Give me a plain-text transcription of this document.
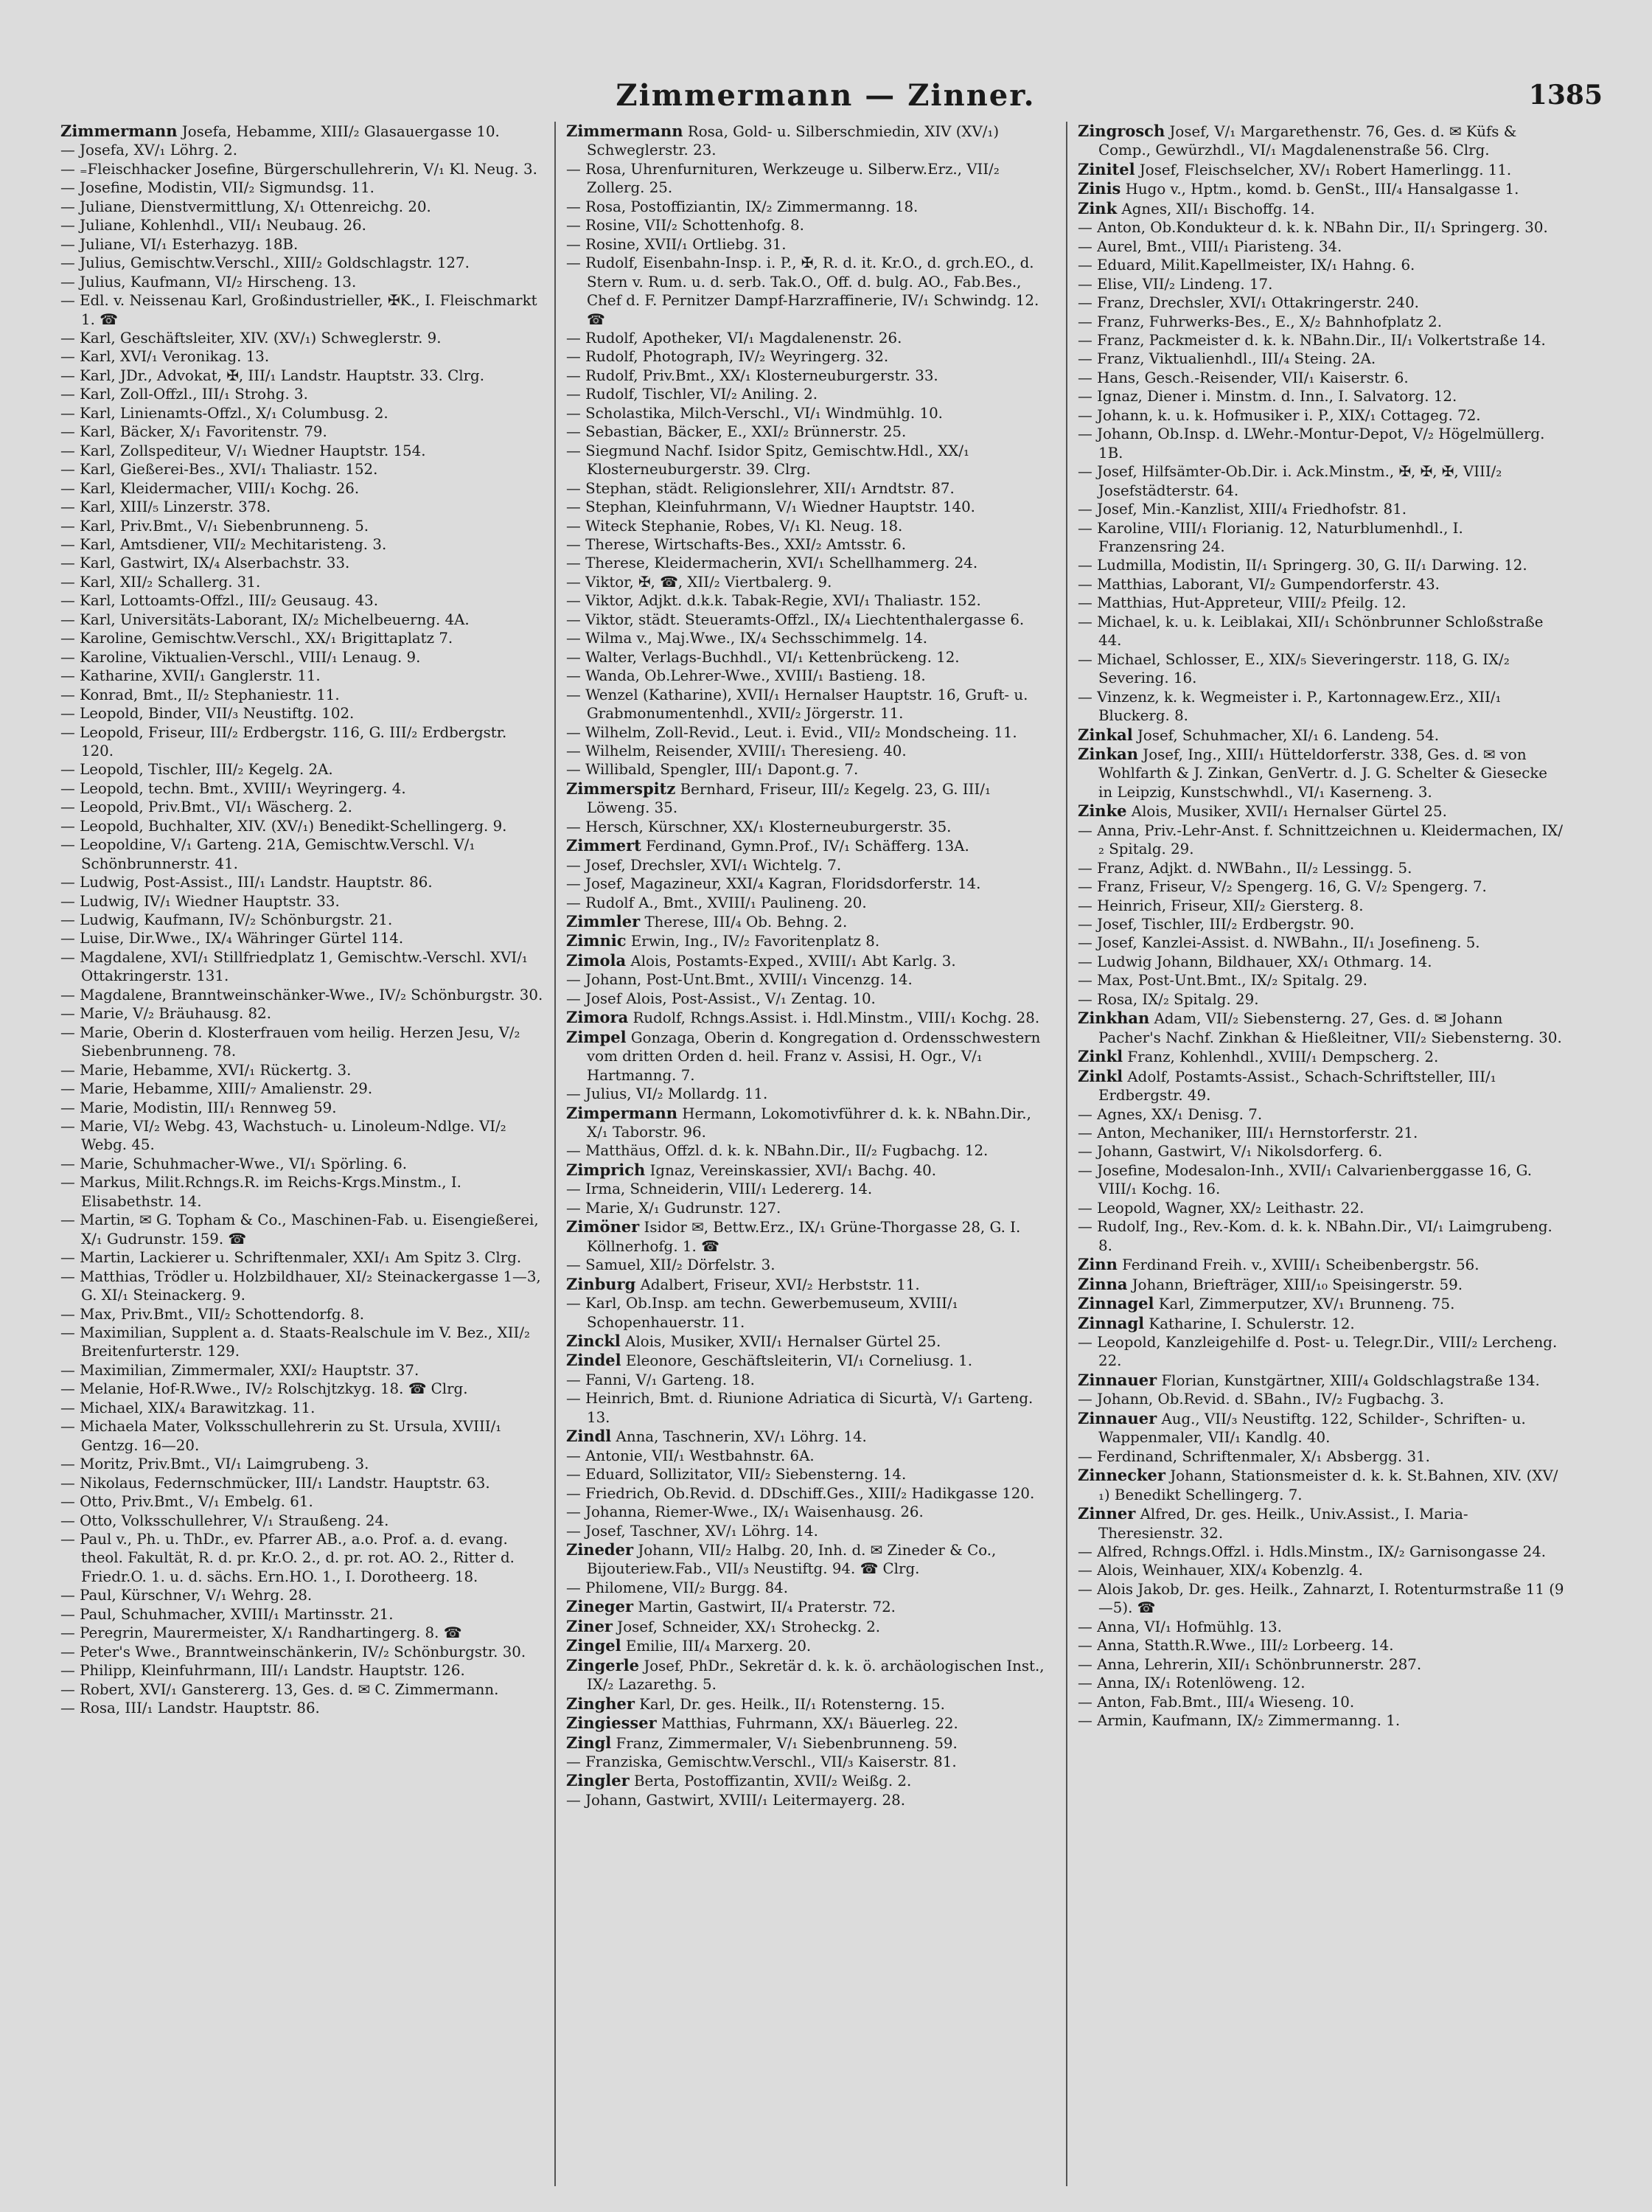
Zimmermann — Zinner.	1385

Zimmermann Josefa, Hebamme, XIII/₂ Glasauergasse 10.

— Josefa, XV/₁ Löhrg. 2.

— ₌Fleischhacker Josefine, Bürgerschullehrerin, V/₁ Kl. Neug. 3.

— Josefine, Modistin, VII/₂ Sigmundsg. 11.

— Juliane, Dienstvermittlung, X/₁ Ottenreichg. 20.

— Juliane, Kohlenhdl., VII/₁ Neubaug. 26.

— Juliane, VI/₁ Esterhazyg. 18B.

— Julius, Gemischtw.Verschl., XIII/₂ Goldschlagstr. 127.

— Julius, Kaufmann, VI/₂ Hirscheng. 13.

— Edl. v. Neissenau Karl, Großindustrieller, ✠K., I. Fleischmarkt 1. ☎

— Karl, Geschäftsleiter, XIV. (XV/₁) Schweglerstr. 9.

— Karl, XVI/₁ Veronikag. 13.

— Karl, JDr., Advokat, ✠, III/₁ Landstr. Hauptstr. 33. Clrg.

— Karl, Zoll-Offzl., III/₁ Strohg. 3.

— Karl, Linienamts-Offzl., X/₁ Columbusg. 2.

— Karl, Bäcker, X/₁ Favoritenstr. 79.

— Karl, Zollspediteur, V/₁ Wiedner Hauptstr. 154.

— Karl, Gießerei-Bes., XVI/₁ Thaliastr. 152.

— Karl, Kleidermacher, VIII/₁ Kochg. 26.

— Karl, XIII/₅ Linzerstr. 378.

— Karl, Priv.Bmt., V/₁ Siebenbrunneng. 5.

— Karl, Amtsdiener, VII/₂ Mechitaristeng. 3.

— Karl, Gastwirt, IX/₄ Alserbachstr. 33.

— Karl, XII/₂ Schallerg. 31.

— Karl, Lottoamts-Offzl., III/₂ Geusaug. 43.

— Karl, Universitäts-Laborant, IX/₂ Michelbeuerng. 4A.

— Karoline, Gemischtw.Verschl., XX/₁ Brigittaplatz 7.

— Karoline, Viktualien-Verschl., VIII/₁ Lenaug. 9.

— Katharine, XVII/₁ Ganglerstr. 11.

— Konrad, Bmt., II/₂ Stephaniestr. 11.

— Leopold, Binder, VII/₃ Neustiftg. 102.

— Leopold, Friseur, III/₂ Erdbergstr. 116, G. III/₂ Erdbergstr. 120.

— Leopold, Tischler, III/₂ Kegelg. 2A.

— Leopold, techn. Bmt., XVIII/₁ Weyringerg. 4.

— Leopold, Priv.Bmt., VI/₁ Wäscherg. 2.

— Leopold, Buchhalter, XIV. (XV/₁) Benedikt-Schellingerg. 9.

— Leopoldine, V/₁ Garteng. 21A, Gemischtw.Verschl. V/₁ Schönbrunnerstr. 41.

— Ludwig, Post-Assist., III/₁ Landstr. Hauptstr. 86.

— Ludwig, IV/₁ Wiedner Hauptstr. 33.

— Ludwig, Kaufmann, IV/₂ Schönburgstr. 21.

— Luise, Dir.Wwe., IX/₄ Währinger Gürtel 114.

— Magdalene, XVI/₁ Stillfriedplatz 1, Gemischtw.-Verschl. XVI/₁ Ottakringerstr. 131.

— Magdalene, Branntweinschänker-Wwe., IV/₂ Schönburgstr. 30.

— Marie, V/₂ Bräuhausg. 82.

— Marie, Oberin d. Klosterfrauen vom heilig. Herzen Jesu, V/₂ Siebenbrunneng. 78.

— Marie, Hebamme, XVI/₁ Rückertg. 3.

— Marie, Hebamme, XIII/₇ Amalienstr. 29.

— Marie, Modistin, III/₁ Rennweg 59.

— Marie, VI/₂ Webg. 43, Wachstuch- u. Linoleum-Ndlge. VI/₂ Webg. 45.

— Marie, Schuhmacher-Wwe., VI/₁ Spörling. 6.

— Markus, Milit.Rchngs.R. im Reichs-Krgs.Minstm., I. Elisabethstr. 14.

— Martin, ✉ G. Topham & Co., Maschinen-Fab. u. Eisengießerei, X/₁ Gudrunstr. 159. ☎

— Martin, Lackierer u. Schriftenmaler, XXI/₁ Am Spitz 3. Clrg.

— Matthias, Trödler u. Holzbildhauer, XI/₂ Steinackergasse 1—3, G. XI/₁ Steinackerg. 9.

— Max, Priv.Bmt., VII/₂ Schottendorfg. 8.

— Maximilian, Supplent a. d. Staats-Realschule im V. Bez., XII/₂ Breitenfurterstr. 129.

— Maximilian, Zimmermaler, XXI/₂ Hauptstr. 37.

— Melanie, Hof-R.Wwe., IV/₂ Rolschjtzkyg. 18. ☎ Clrg.

— Michael, XIX/₄ Barawitzkag. 11.

— Michaela Mater, Volksschullehrerin zu St. Ursula, XVIII/₁ Gentzg. 16—20.

— Moritz, Priv.Bmt., VI/₁ Laimgrubeng. 3.

— Nikolaus, Federnschmücker, III/₁ Landstr. Hauptstr. 63.

— Otto, Priv.Bmt., V/₁ Embelg. 61.

— Otto, Volksschullehrer, V/₁ Straußeng. 24.

— Paul v., Ph. u. ThDr., ev. Pfarrer AB., a.o. Prof. a. d. evang. theol. Fakultät, R. d. pr. Kr.O. 2., d. pr. rot. AO. 2., Ritter d. Friedr.O. 1. u. d. sächs. Ern.HO. 1., I. Dorotheerg. 18.

— Paul, Kürschner, V/₁ Wehrg. 28.

— Paul, Schuhmacher, XVIII/₁ Martinsstr. 21.

— Peregrin, Maurermeister, X/₁ Randhartingerg. 8. ☎

— Peter's Wwe., Branntweinschänkerin, IV/₂ Schönburgstr. 30.

— Philipp, Kleinfuhrmann, III/₁ Landstr. Hauptstr. 126.

— Robert, XVI/₁ Ganstererg. 13, Ges. d. ✉ C. Zimmermann.

— Rosa, III/₁ Landstr. Hauptstr. 86.

Zimmermann Rosa, Gold- u. Silberschmiedin, XIV (XV/₁) Schweglerstr. 23.

— Rosa, Uhrenfurnituren, Werkzeuge u. Silberw.Erz., VII/₂ Zollerg. 25.

— Rosa, Postoffiziantin, IX/₂ Zimmermanng. 18.

— Rosine, VII/₂ Schottenhofg. 8.

— Rosine, XVII/₁ Ortliebg. 31.

— Rudolf, Eisenbahn-Insp. i. P., ✠, R. d. it. Kr.O., d. grch.EO., d. Stern v. Rum. u. d. serb. Tak.O., Off. d. bulg. AO., Fab.Bes., Chef d. F. Pernitzer Dampf-Harzraffinerie, IV/₁ Schwindg. 12. ☎

— Rudolf, Apotheker, VI/₁ Magdalenenstr. 26.

— Rudolf, Photograph, IV/₂ Weyringerg. 32.

— Rudolf, Priv.Bmt., XX/₁ Klosterneuburgerstr. 33.

— Rudolf, Tischler, VI/₂ Aniling. 2.

— Scholastika, Milch-Verschl., VI/₁ Windmühlg. 10.

— Sebastian, Bäcker, E., XXI/₂ Brünnerstr. 25.

— Siegmund Nachf. Isidor Spitz, Gemischtw.Hdl., XX/₁ Klosterneuburgerstr. 39. Clrg.

— Stephan, städt. Religionslehrer, XII/₁ Arndtstr. 87.

— Stephan, Kleinfuhrmann, V/₁ Wiedner Hauptstr. 140.

— Witeck Stephanie, Robes, V/₁ Kl. Neug. 18.

— Therese, Wirtschafts-Bes., XXI/₂ Amtsstr. 6.

— Therese, Kleidermacherin, XVI/₁ Schellhammerg. 24.

— Viktor, ✠, ☎, XII/₂ Viertbalerg. 9.

— Viktor, Adjkt. d.k.k. Tabak-Regie, XVI/₁ Thaliastr. 152.

— Viktor, städt. Steueramts-Offzl., IX/₄ Liechtenthalergasse 6.

— Wilma v., Maj.Wwe., IX/₄ Sechsschimmelg. 14.

— Walter, Verlags-Buchhdl., VI/₁ Kettenbrückeng. 12.

— Wanda, Ob.Lehrer-Wwe., XVIII/₁ Bastieng. 18.

— Wenzel (Katharine), XVII/₁ Hernalser Hauptstr. 16, Gruft- u. Grabmonumentenhdl., XVII/₂ Jörgerstr. 11.

— Wilhelm, Zoll-Revid., Leut. i. Evid., VII/₂ Mondscheing. 11.

— Wilhelm, Reisender, XVIII/₁ Theresieng. 40.

— Willibald, Spengler, III/₁ Dapont.g. 7.

Zimmerspitz Bernhard, Friseur, III/₂ Kegelg. 23, G. III/₁ Löweng. 35.

— Hersch, Kürschner, XX/₁ Klosterneuburgerstr. 35.

Zimmert Ferdinand, Gymn.Prof., IV/₁ Schäfferg. 13A.

— Josef, Drechsler, XVI/₁ Wichtelg. 7.

— Josef, Magazineur, XXI/₄ Kagran, Floridsdorferstr. 14.

— Rudolf A., Bmt., XVIII/₁ Paulineng. 20.

Zimmler Therese, III/₄ Ob. Behng. 2.

Zimnic Erwin, Ing., IV/₂ Favoritenplatz 8.

Zimola Alois, Postamts-Exped., XVIII/₁ Abt Karlg. 3.

— Johann, Post-Unt.Bmt., XVIII/₁ Vincenzg. 14.

— Josef Alois, Post-Assist., V/₁ Zentag. 10.

Zimora Rudolf, Rchngs.Assist. i. Hdl.Minstm., VIII/₁ Kochg. 28.

Zimpel Gonzaga, Oberin d. Kongregation d. Ordensschwestern vom dritten Orden d. heil. Franz v. Assisi, H. Ogr., V/₁ Hartmanng. 7.

— Julius, VI/₂ Mollardg. 11.

Zimpermann Hermann, Lokomotivführer d. k. k. NBahn.Dir., X/₁ Taborstr. 96.

— Matthäus, Offzl. d. k. k. NBahn.Dir., II/₂ Fugbachg. 12.

Zimprich Ignaz, Vereinskassier, XVI/₁ Bachg. 40.

— Irma, Schneiderin, VIII/₁ Ledererg. 14.

— Marie, X/₁ Gudrunstr. 127.

Zimöner Isidor ✉, Bettw.Erz., IX/₁ Grüne-Thorgasse 28, G. I. Köllnerhofg. 1. ☎

— Samuel, XII/₂ Dörfelstr. 3.

Zinburg Adalbert, Friseur, XVI/₂ Herbststr. 11.

— Karl, Ob.Insp. am techn. Gewerbemuseum, XVIII/₁ Schopenhauerstr. 11.

Zinckl Alois, Musiker, XVII/₁ Hernalser Gürtel 25.

Zindel Eleonore, Geschäftsleiterin, VI/₁ Corneliusg. 1.

— Fanni, V/₁ Garteng. 18.

— Heinrich, Bmt. d. Riunione Adriatica di Sicurtà, V/₁ Garteng. 13.

Zindl Anna, Taschnerin, XV/₁ Löhrg. 14.

— Antonie, VII/₁ Westbahnstr. 6A.

— Eduard, Sollizitator, VII/₂ Siebensterng. 14.

— Friedrich, Ob.Revid. d. DDschiff.Ges., XIII/₂ Hadikgasse 120.

— Johanna, Riemer-Wwe., IX/₁ Waisenhausg. 26.

— Josef, Taschner, XV/₁ Löhrg. 14.

Zineder Johann, VII/₂ Halbg. 20, Inh. d. ✉ Zineder & Co., Bijouteriew.Fab., VII/₃ Neustiftg. 94. ☎ Clrg.

— Philomene, VII/₂ Burgg. 84.

Zineger Martin, Gastwirt, II/₄ Praterstr. 72.

Ziner Josef, Schneider, XX/₁ Stroheckg. 2.

Zingel Emilie, III/₄ Marxerg. 20.

Zingerle Josef, PhDr., Sekretär d. k. k. ö. archäologischen Inst., IX/₂ Lazarethg. 5.

Zingher Karl, Dr. ges. Heilk., II/₁ Rotensterng. 15.

Zingiesser Matthias, Fuhrmann, XX/₁ Bäuerleg. 22.

Zingl Franz, Zimmermaler, V/₁ Siebenbrunneng. 59.

— Franziska, Gemischtw.Verschl., VII/₃ Kaiserstr. 81.

Zingler Berta, Postoffizantin, XVII/₂ Weißg. 2.

— Johann, Gastwirt, XVIII/₁ Leitermayerg. 28.

Zingrosch Josef, V/₁ Margarethenstr. 76, Ges. d. ✉ Küfs & Comp., Gewürzhdl., VI/₁ Magdalenenstraße 56. Clrg.

Zinitel Josef, Fleischselcher, XV/₁ Robert Hamerlingg. 11.

Zinis Hugo v., Hptm., komd. b. GenSt., III/₄ Hansalgasse 1.

Zink Agnes, XII/₁ Bischoffg. 14.

— Anton, Ob.Kondukteur d. k. k. NBahn Dir., II/₁ Springerg. 30.

— Aurel, Bmt., VIII/₁ Piaristeng. 34.

— Eduard, Milit.Kapellmeister, IX/₁ Hahng. 6.

— Elise, VII/₂ Lindeng. 17.

— Franz, Drechsler, XVI/₁ Ottakringerstr. 240.

— Franz, Fuhrwerks-Bes., E., X/₂ Bahnhofplatz 2.

— Franz, Packmeister d. k. k. NBahn.Dir., II/₁ Volkertstraße 14.

— Franz, Viktualienhdl., III/₄ Steing. 2A.

— Hans, Gesch.-Reisender, VII/₁ Kaiserstr. 6.

— Ignaz, Diener i. Minstm. d. Inn., I. Salvatorg. 12.

— Johann, k. u. k. Hofmusiker i. P., XIX/₁ Cottageg. 72.

— Johann, Ob.Insp. d. LWehr.-Montur-Depot, V/₂ Högelmüllerg. 1B.

— Josef, Hilfsämter-Ob.Dir. i. Ack.Minstm., ✠, ✠, ✠, VIII/₂ Josefstädterstr. 64.

— Josef, Min.-Kanzlist, XIII/₄ Friedhofstr. 81.

— Karoline, VIII/₁ Florianig. 12, Naturblumenhdl., I. Franzensring 24.

— Ludmilla, Modistin, II/₁ Springerg. 30, G. II/₁ Darwing. 12.

— Matthias, Laborant, VI/₂ Gumpendorferstr. 43.

— Matthias, Hut-Appreteur, VIII/₂ Pfeilg. 12.

— Michael, k. u. k. Leiblakai, XII/₁ Schönbrunner Schloßstraße 44.

— Michael, Schlosser, E., XIX/₅ Sieveringerstr. 118, G. IX/₂ Severing. 16.

— Vinzenz, k. k. Wegmeister i. P., Kartonnagew.Erz., XII/₁ Bluckerg. 8.

Zinkal Josef, Schuhmacher, XI/₁ 6. Landeng. 54.

Zinkan Josef, Ing., XIII/₁ Hütteldorferstr. 338, Ges. d. ✉ von Wohlfarth & J. Zinkan, GenVertr. d. J. G. Schelter & Giesecke in Leipzig, Kunstschwhdl., VI/₁ Kaserneng. 3.

Zinke Alois, Musiker, XVII/₁ Hernalser Gürtel 25.

— Anna, Priv.-Lehr-Anst. f. Schnittzeichnen u. Kleidermachen, IX/₂ Spitalg. 29.

— Franz, Adjkt. d. NWBahn., II/₂ Lessingg. 5.

— Franz, Friseur, V/₂ Spengerg. 16, G. V/₂ Spengerg. 7.

— Heinrich, Friseur, XII/₂ Giersterg. 8.

— Josef, Tischler, III/₂ Erdbergstr. 90.

— Josef, Kanzlei-Assist. d. NWBahn., II/₁ Josefineng. 5.

— Ludwig Johann, Bildhauer, XX/₁ Othmarg. 14.

— Max, Post-Unt.Bmt., IX/₂ Spitalg. 29.

— Rosa, IX/₂ Spitalg. 29.

Zinkhan Adam, VII/₂ Siebensterng. 27, Ges. d. ✉ Johann Pacher's Nachf. Zinkhan & Hießleitner, VII/₂ Siebensterng. 30.

Zinkl Franz, Kohlenhdl., XVIII/₁ Dempscherg. 2.

Zinkl Adolf, Postamts-Assist., Schach-Schriftsteller, III/₁ Erdbergstr. 49.

— Agnes, XX/₁ Denisg. 7.

— Anton, Mechaniker, III/₁ Hernstorferstr. 21.

— Johann, Gastwirt, V/₁ Nikolsdorferg. 6.

— Josefine, Modesalon-Inh., XVII/₁ Calvarienberggasse 16, G. VIII/₁ Kochg. 16.

— Leopold, Wagner, XX/₂ Leithastr. 22.

— Rudolf, Ing., Rev.-Kom. d. k. k. NBahn.Dir., VI/₁ Laimgrubeng. 8.

Zinn Ferdinand Freih. v., XVIII/₁ Scheibenbergstr. 56.

Zinna Johann, Briefträger, XIII/₁₀ Speisingerstr. 59.

Zinnagel Karl, Zimmerputzer, XV/₁ Brunneng. 75.

Zinnagl Katharine, I. Schulerstr. 12.

— Leopold, Kanzleigehilfe d. Post- u. Telegr.Dir., VIII/₂ Lercheng. 22.

Zinnauer Florian, Kunstgärtner, XIII/₄ Goldschlagstraße 134.

— Johann, Ob.Revid. d. SBahn., IV/₂ Fugbachg. 3.

Zinnauer Aug., VII/₃ Neustiftg. 122, Schilder-, Schriften- u. Wappenmaler, VII/₁ Kandlg. 40.

— Ferdinand, Schriftenmaler, X/₁ Absbergg. 31.

Zinnecker Johann, Stationsmeister d. k. k. St.Bahnen, XIV. (XV/₁) Benedikt Schellingerg. 7.

Zinner Alfred, Dr. ges. Heilk., Univ.Assist., I. Maria-Theresienstr. 32.

— Alfred, Rchngs.Offzl. i. Hdls.Minstm., IX/₂ Garnisongasse 24.

— Alois, Weinhauer, XIX/₄ Kobenzlg. 4.

— Alois Jakob, Dr. ges. Heilk., Zahnarzt, I. Rotenturmstraße 11 (9—5). ☎

— Anna, VI/₁ Hofmühlg. 13.

— Anna, Statth.R.Wwe., III/₂ Lorbeerg. 14.

— Anna, Lehrerin, XII/₁ Schönbrunnerstr. 287.

— Anna, IX/₁ Rotenlöweng. 12.

— Anton, Fab.Bmt., III/₄ Wieseng. 10.

— Armin, Kaufmann, IX/₂ Zimmermanng. 1.
